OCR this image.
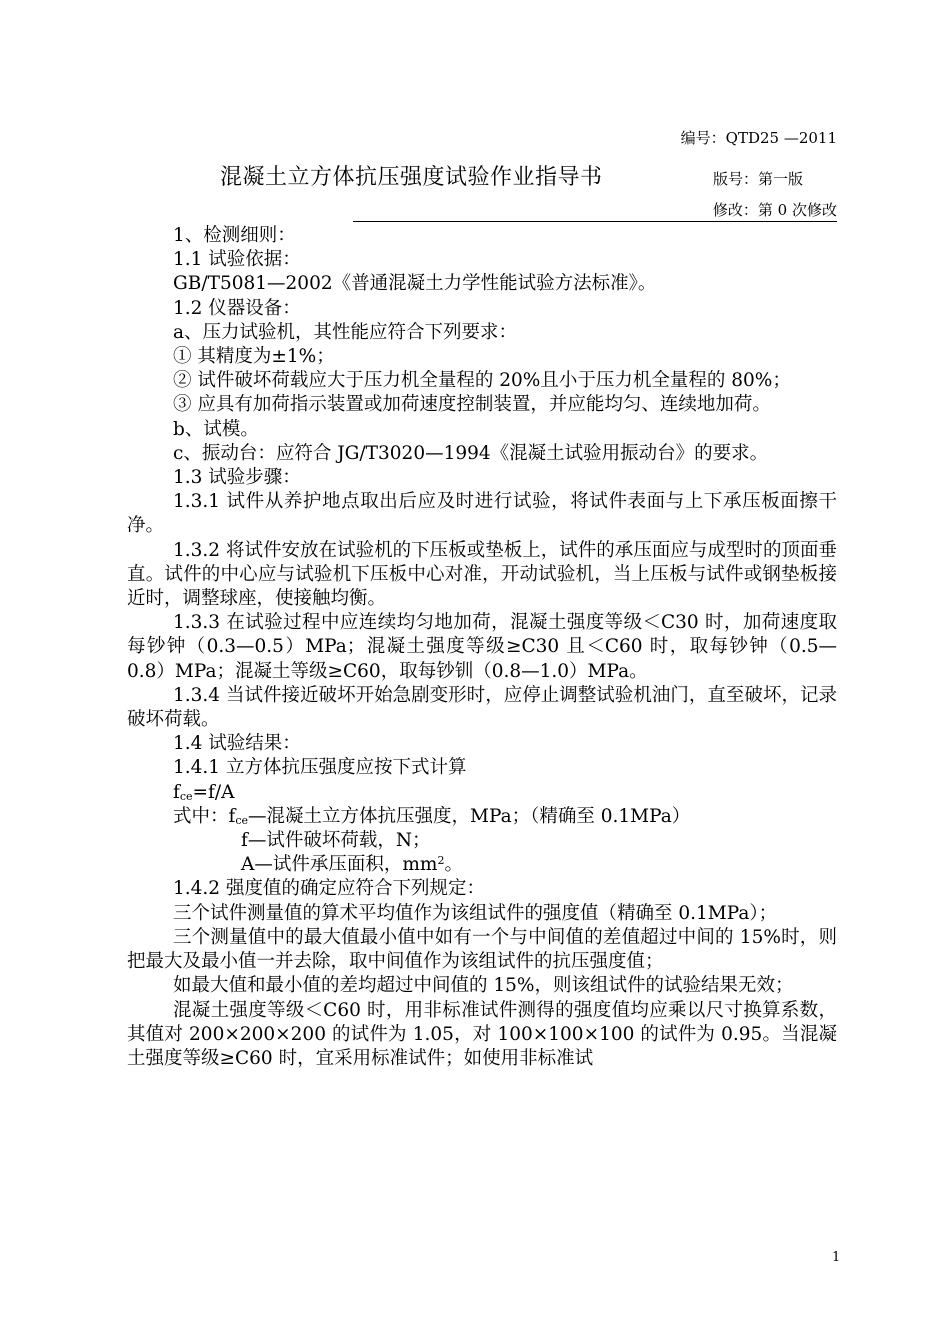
编号：QTD25 —2011
混凝土立方体抗压强度试验作业指导书	版号：第一版
修改：第 0 次修改

1、检测细则：

1.1 试验依据：

GB/T5081—2002《普通混凝土力学性能试验方法标准》。

1.2 仪器设备：

a、压力试验机，其性能应符合下列要求：

① 其精度为±1%；

② 试件破坏荷载应大于压力机全量程的 20%且小于压力机全量程的 80%；

③ 应具有加荷指示装置或加荷速度控制装置，并应能均匀、连续地加荷。

b、试模。

c、振动台：应符合 JG/T3020—1994《混凝土试验用振动台》的要求。

1.3 试验步骤：

1.3.1 试件从养护地点取出后应及时进行试验，将试件表面与上下承压板面擦干净。

1.3.2 将试件安放在试验机的下压板或垫板上，试件的承压面应与成型时的顶面垂直。试件的中心应与试验机下压板中心对准，开动试验机，当上压板与试件或钢垫板接近时，调整球座，使接触均衡。

1.3.3 在试验过程中应连续均匀地加荷，混凝土强度等级＜C30 时，加荷速度取每钞钟（0.3—0.5）MPa；混凝土强度等级≥C30 且＜C60 时，取每钞钟（0.5—0.8）MPa；混凝土等级≥C60，取每钞钏（0.8—1.0）MPa。

1.3.4 当试件接近破坏开始急剧变形时，应停止调整试验机油门，直至破坏，记录破坏荷载。

1.4 试验结果：

1.4.1 立方体抗压强度应按下式计算

$f_{ce}=f/A$

式中：$f_{ce}—$混凝土立方体抗压强度，MPa；（精确至 0.1MPa）

f—试件破坏荷载，N；

A—试件承压面积，$mm^2$。

1.4.2 强度值的确定应符合下列规定：

三个试件测量值的算术平均值作为该组试件的强度值（精确至 0.1MPa）；

三个测量值中的最大值最小值中如有一个与中间值的差值超过中间的 15%时，则把最大及最小值一并去除，取中间值作为该组试件的抗压强度值；

如最大值和最小值的差均超过中间值的 15%，则该组试件的试验结果无效；

混凝土强度等级＜C60 时，用非标准试件测得的强度值均应乘以尺寸换算系数，其值对 200×200×200 的试件为 1.05，对 100×100×100 的试件为 0.95。当混凝土强度等级≥C60 时，宜采用标准试件；如使用非标准试

1
